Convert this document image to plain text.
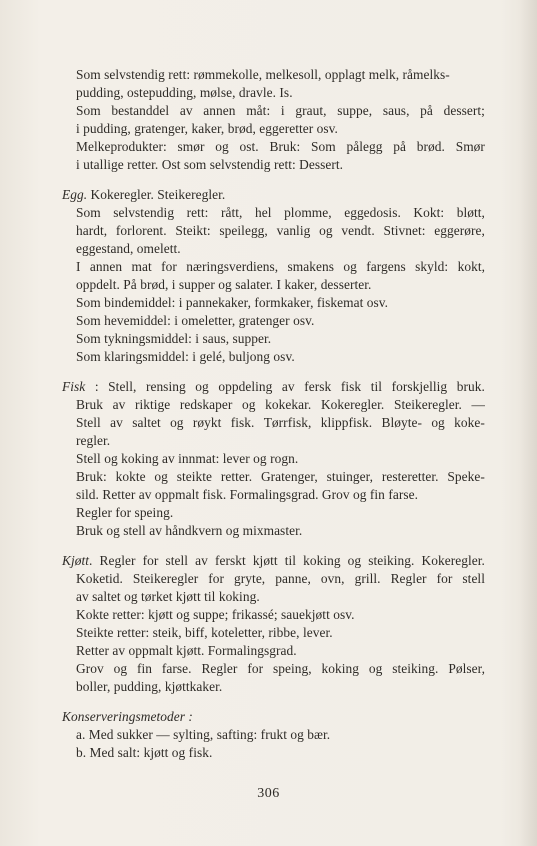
Som selvstendig rett: rømmekolle, melkesoll, opplagt melk, råmelks-
pudding, ostepudding, mølse, dravle. Is.
Som bestanddel av annen måt: i graut, suppe, saus, på dessert;
i pudding, gratenger, kaker, brød, eggeretter osv.
Melkeprodukter: smør og ost. Bruk: Som pålegg på brød. Smør
i utallige retter. Ost som selvstendig rett: Dessert.
Egg. Kokeregler. Steikeregler.
Som selvstendig rett: rått, hel plomme, eggedosis. Kokt: bløtt,
hardt, forlorent. Steikt: speilegg, vanlig og vendt. Stivnet: eggerøre,
eggestand, omelett.
I annen mat for næringsverdiens, smakens og fargens skyld: kokt,
oppdelt. På brød, i supper og salater. I kaker, desserter.
Som bindemiddel: i pannekaker, formkaker, fiskemat osv.
Som hevemiddel: i omeletter, gratenger osv.
Som tykningsmiddel: i saus, supper.
Som klaringsmiddel: i gelé, buljong osv.
Fisk : Stell, rensing og oppdeling av fersk fisk til forskjellig bruk.
Bruk av riktige redskaper og kokekar. Kokeregler. Steikeregler. —
Stell av saltet og røykt fisk. Tørrfisk, klippfisk. Bløyte- og koke-
regler.
Stell og koking av innmat: lever og rogn.
Bruk: kokte og steikte retter. Gratenger, stuinger, resteretter. Speke-
sild. Retter av oppmalt fisk. Formalingsgrad. Grov og fin farse.
Regler for speing.
Bruk og stell av håndkvern og mixmaster.
Kjøtt. Regler for stell av ferskt kjøtt til koking og steiking. Kokeregler.
Koketid. Steikeregler for gryte, panne, ovn, grill. Regler for stell
av saltet og tørket kjøtt til koking.
Kokte retter: kjøtt og suppe; frikassé; sauekjøtt osv.
Steikte retter: steik, biff, koteletter, ribbe, lever.
Retter av oppmalt kjøtt. Formalingsgrad.
Grov og fin farse. Regler for speing, koking og steiking. Pølser,
boller, pudding, kjøttkaker.
Konserveringsmetoder :
a. Med sukker — sylting, safting: frukt og bær.
b. Med salt: kjøtt og fisk.
306
